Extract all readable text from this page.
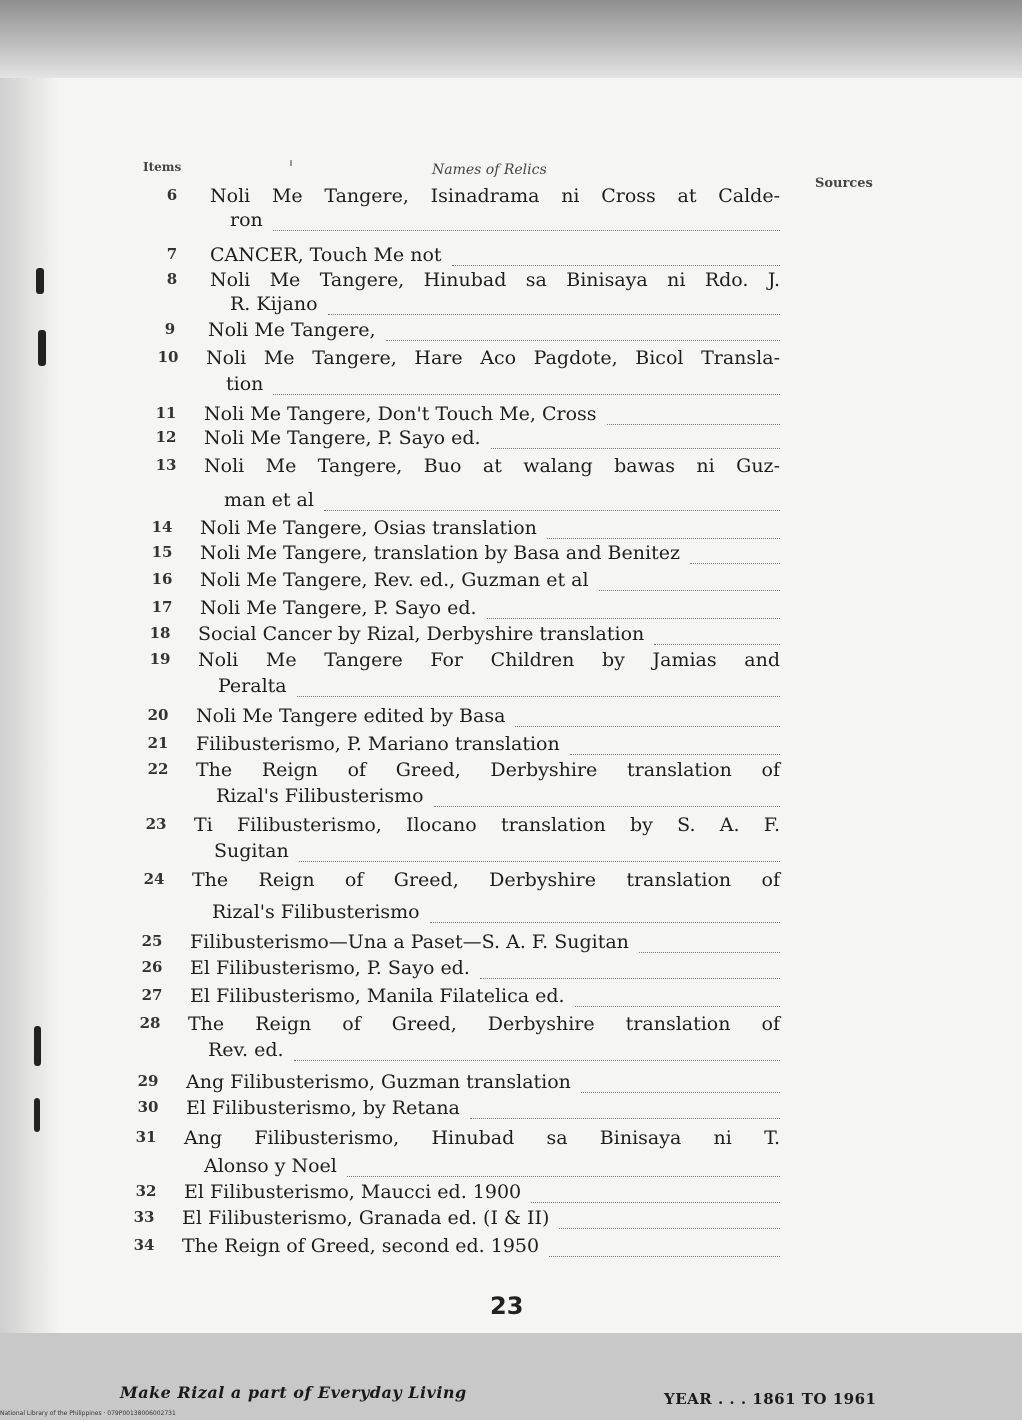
Items	Names of Relics
Sources
6	Noli Me Tangere, Isinadrama ni Cross at Calde-
ron
7	CANCER, Touch Me not
8	Noli Me Tangere, Hinubad sa Binisaya ni Rdo. J.
R. Kijano
9	Noli Me Tangere,
10	Noli Me Tangere, Hare Aco Pagdote, Bicol Transla-
tion
11	Noli Me Tangere, Don't Touch Me, Cross
12	Noli Me Tangere, P. Sayo ed.
13	Noli Me Tangere, Buo at walang bawas ni Guz-
man et al
14	Noli Me Tangere, Osias translation
15	Noli Me Tangere, translation by Basa and Benitez
16	Noli Me Tangere, Rev. ed., Guzman et al
17	Noli Me Tangere, P. Sayo ed.
18	Social Cancer by Rizal, Derbyshire translation
19	Noli Me Tangere For Children by Jamias and
Peralta
20	Noli Me Tangere edited by Basa
21	Filibusterismo, P. Mariano translation
22	The Reign of Greed, Derbyshire translation of
Rizal's Filibusterismo
23	Ti Filibusterismo, Ilocano translation by S. A. F.
Sugitan
24	The Reign of Greed, Derbyshire translation of
Rizal's Filibusterismo
25	Filibusterismo—Una a Paset—S. A. F. Sugitan
26	El Filibusterismo, P. Sayo ed.
27	El Filibusterismo, Manila Filatelica ed.
28	The Reign of Greed, Derbyshire translation of
Rev. ed.
29	Ang Filibusterismo, Guzman translation
30	El Filibusterismo, by Retana
31	Ang Filibusterismo, Hinubad sa Binisaya ni T.
Alonso y Noel
32	El Filibusterismo, Maucci ed. 1900
33	El Filibusterismo, Granada ed. (I & II)
34	The Reign of Greed, second ed. 1950
23
Make Rizal a part of Everyday Living	YEAR . . . 1861 TO 1961
National Library of the Philippines · 079P00138006002731
